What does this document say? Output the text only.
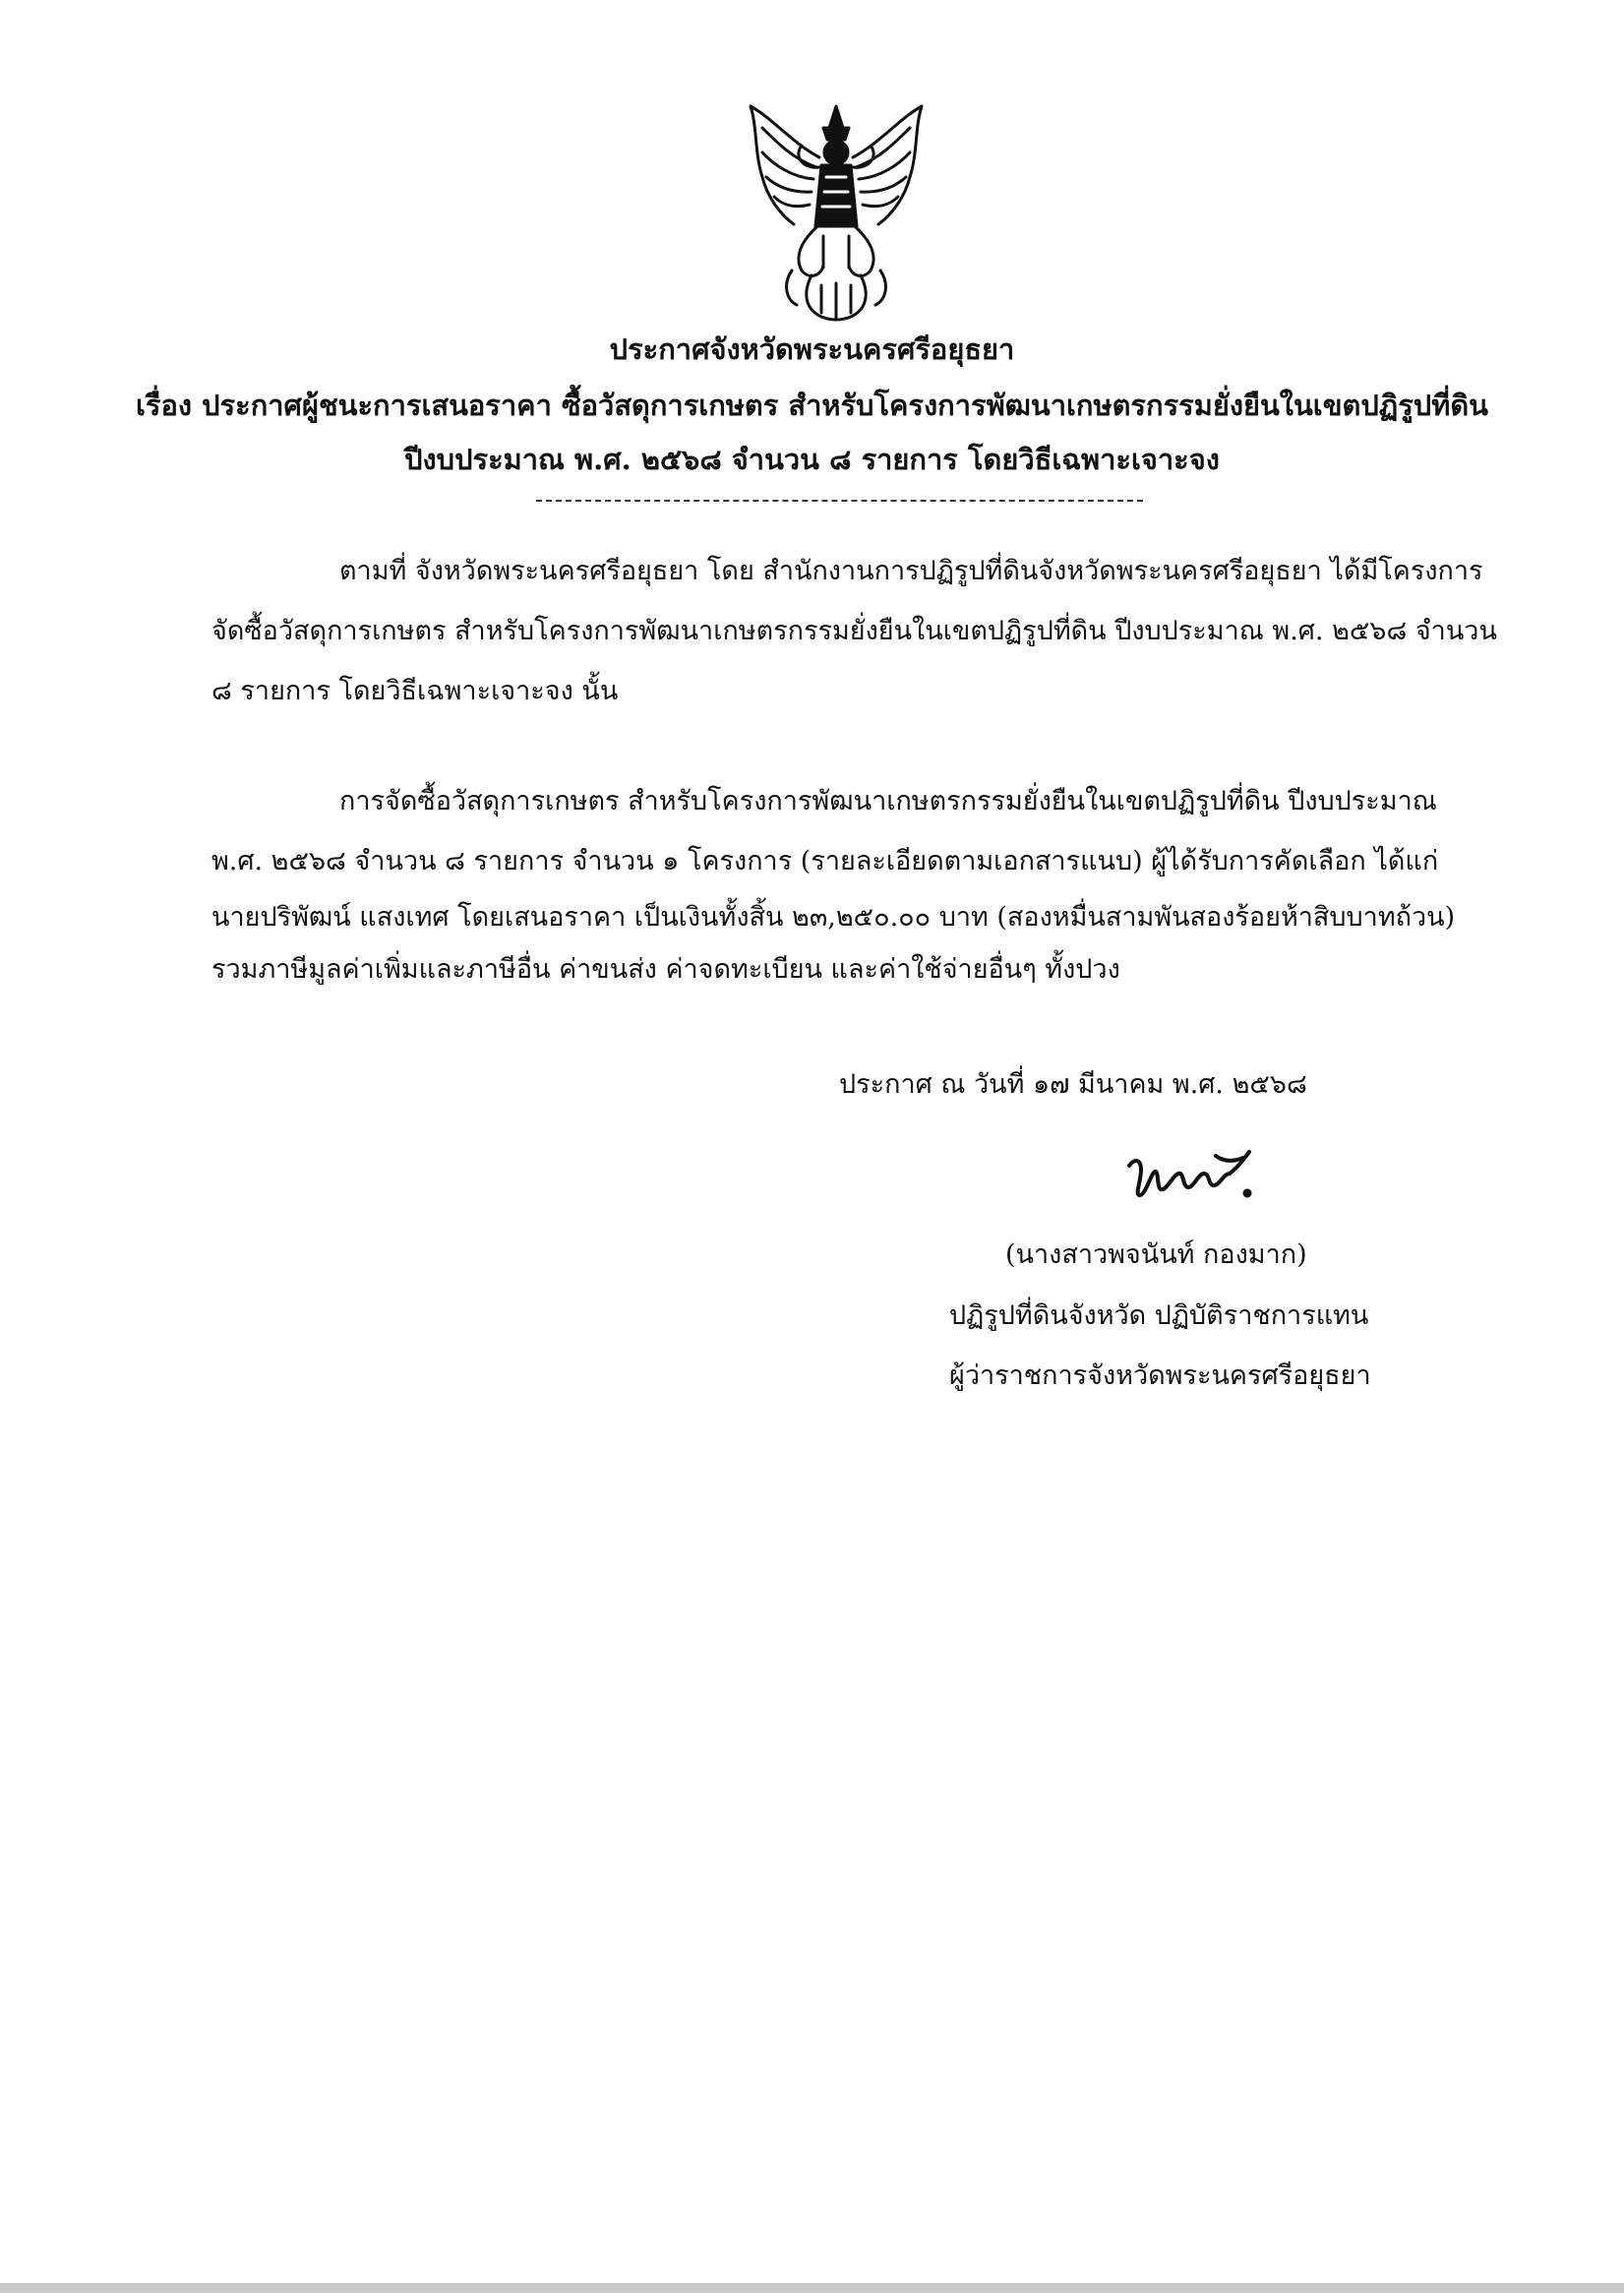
ประกาศจังหวัดพระนครศรีอยุธยา
เรื่อง ประกาศผู้ชนะการเสนอราคา ซื้อวัสดุการเกษตร สำหรับโครงการพัฒนาเกษตรกรรมยั่งยืนในเขตปฏิรูปที่ดิน
ปีงบประมาณ พ.ศ. ๒๕๖๘ จำนวน ๘ รายการ โดยวิธีเฉพาะเจาะจง
ตามที่ จังหวัดพระนครศรีอยุธยา โดย สำนักงานการปฏิรูปที่ดินจังหวัดพระนครศรีอยุธยา ได้มีโครงการ
จัดซื้อวัสดุการเกษตร สำหรับโครงการพัฒนาเกษตรกรรมยั่งยืนในเขตปฏิรูปที่ดิน ปีงบประมาณ พ.ศ. ๒๕๖๘ จำนวน
๘ รายการ โดยวิธีเฉพาะเจาะจง นั้น
การจัดซื้อวัสดุการเกษตร สำหรับโครงการพัฒนาเกษตรกรรมยั่งยืนในเขตปฏิรูปที่ดิน ปีงบประมาณ
พ.ศ. ๒๕๖๘ จำนวน ๘ รายการ จำนวน ๑ โครงการ (รายละเอียดตามเอกสารแนบ) ผู้ได้รับการคัดเลือก ได้แก่
นายปริพัฒน์ แสงเทศ โดยเสนอราคา เป็นเงินทั้งสิ้น ๒๓,๒๕๐.๐๐ บาท (สองหมื่นสามพันสองร้อยห้าสิบบาทถ้วน)
รวมภาษีมูลค่าเพิ่มและภาษีอื่น ค่าขนส่ง ค่าจดทะเบียน และค่าใช้จ่ายอื่นๆ ทั้งปวง
ประกาศ ณ วันที่ ๑๗ มีนาคม พ.ศ. ๒๕๖๘
(นางสาวพจนันท์ กองมาก)
ปฏิรูปที่ดินจังหวัด ปฏิบัติราชการแทน
ผู้ว่าราชการจังหวัดพระนครศรีอยุธยา
